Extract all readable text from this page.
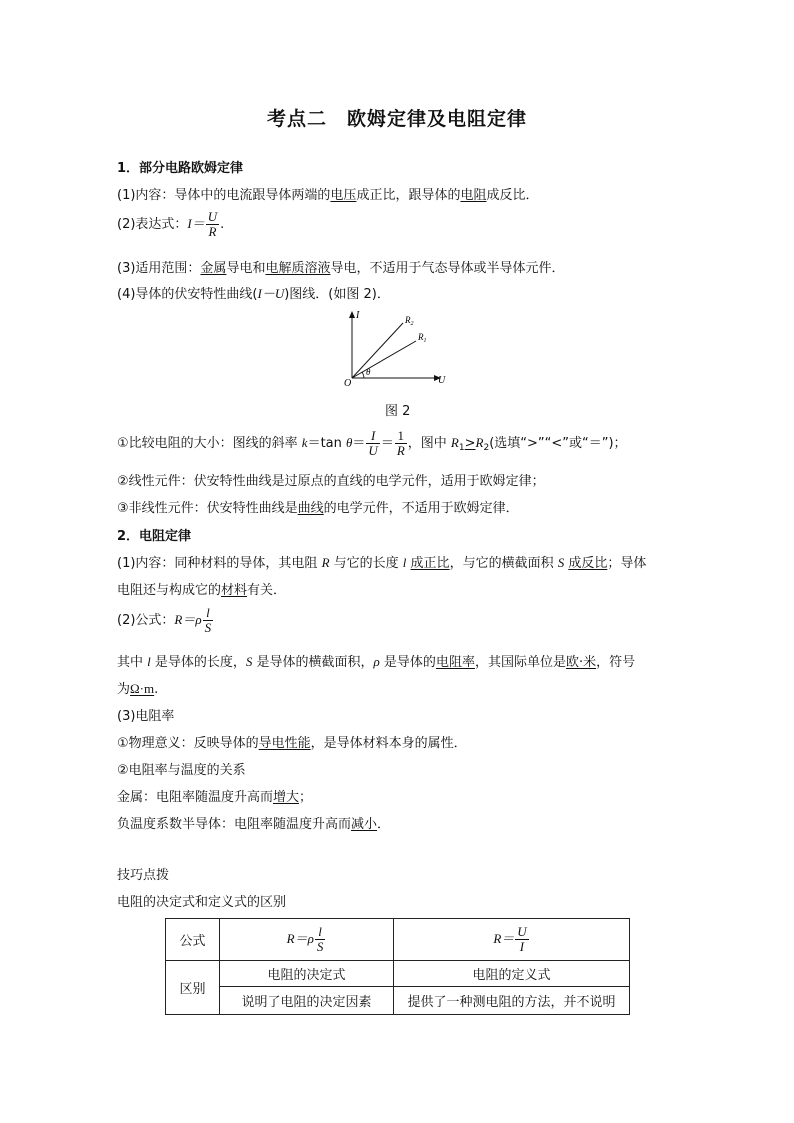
考点二　欧姆定律及电阻定律
1．部分电路欧姆定律
(1)内容：导体中的电流跟导体两端的电压成正比，跟导体的电阻成反比．
(2)表达式：$I= \frac{U}{R}$ .
(3)适用范围：金属导电和电解质溶液导电，不适用于气态导体或半导体元件．
(4)导体的伏安特性曲线(I－U)图线．(如图 2)．
I
U
O
θ
$R_2$
$R_1$
图 2
①比较电阻的大小：图线的斜率 k＝tan $\theta= \frac{I}{U} = \frac{1}{R}$ ，图中 $R_1>R_2$(选填“>”“<”或“＝”)；
②线性元件：伏安特性曲线是过原点的直线的电学元件，适用于欧姆定律；
③非线性元件：伏安特性曲线是曲线的电学元件，不适用于欧姆定律．
2．电阻定律
(1)内容：同种材料的导体，其电阻 R 与它的长度 l 成正比，与它的横截面积 S 成反比；导体
电阻还与构成它的材料有关．
(2)公式：$R=\rho \frac{l}{S}$
其中 l 是导体的长度，S 是导体的横截面积，ρ 是导体的电阻率，其国际单位是欧·米，符号
为Ω·m.
(3)电阻率
①物理意义：反映导体的导电性能，是导体材料本身的属性．
②电阻率与温度的关系
金属：电阻率随温度升高而增大；
负温度系数半导体：电阻率随温度升高而减小．
技巧点拨
电阻的决定式和定义式的区别
公式	$R=\rho \frac{l}{S}$	$R= \frac{U}{I}$

区别	电阻的决定式	电阻的定义式
	说明了电阻的决定因素	提供了一种测电阻的方法，并不说明
